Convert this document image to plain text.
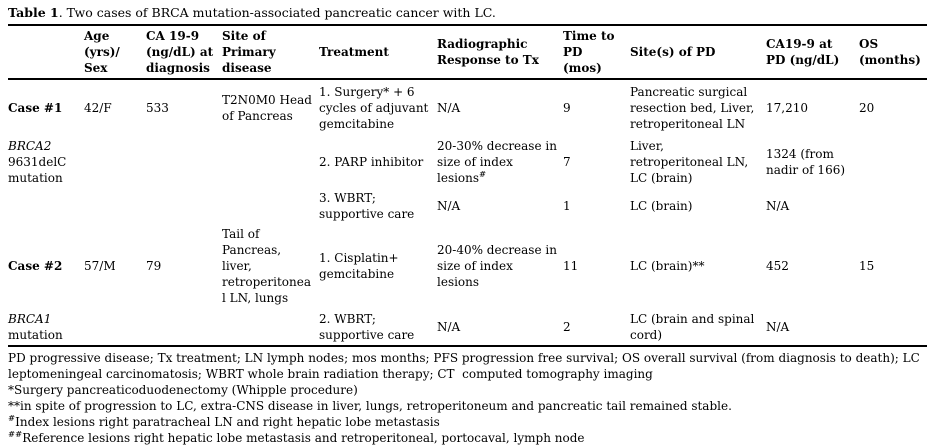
Table 1. Two cases of BRCA mutation-associated pancreatic cancer with LC.
	Age (yrs)/ Sex	CA 19-9 (ng/dL) at diagnosis	Site of Primary disease	Treatment	Radiographic Response to Tx	Time to PD (mos)	Site(s) of PD	CA19-9 at PD (ng/dL)	OS (months)
Case #1	42/F	533	T2N0M0 Head of Pancreas	1. Surgery* + 6 cycles of adjuvant gemcitabine	N/A	9	Pancreatic surgical resection bed, Liver, retroperitoneal LN	17,210	20
BRCA2
9631delC mutation				2. PARP inhibitor	20-30% decrease in size of index lesions#	7	Liver, retroperitoneal LN, LC (brain)	1324 (from nadir of 166)	
				3. WBRT; supportive care	N/A	1	LC (brain)	N/A	
Case #2	57/M	79	Tail of Pancreas, liver, retroperitoneal LN, lungs	1. Cisplatin+ gemcitabine	20-40% decrease in size of index lesions	11	LC (brain)**	452	15
BRCA1
mutation				2. WBRT; supportive care	N/A	2	LC (brain and spinal cord)	N/A	
PD progressive disease; Tx treatment; LN lymph nodes; mos months; PFS progression free survival; OS overall survival (from diagnosis to death); LC leptomeningeal carcinomatosis; WBRT whole brain radiation therapy; CT  computed tomography imaging
*Surgery pancreaticoduodenectomy (Whipple procedure)
**in spite of progression to LC, extra-CNS disease in liver, lungs, retroperitoneum and pancreatic tail remained stable.
#Index lesions right paratracheal LN and right hepatic lobe metastasis
##Reference lesions right hepatic lobe metastasis and retroperitoneal, portocaval, lymph node
